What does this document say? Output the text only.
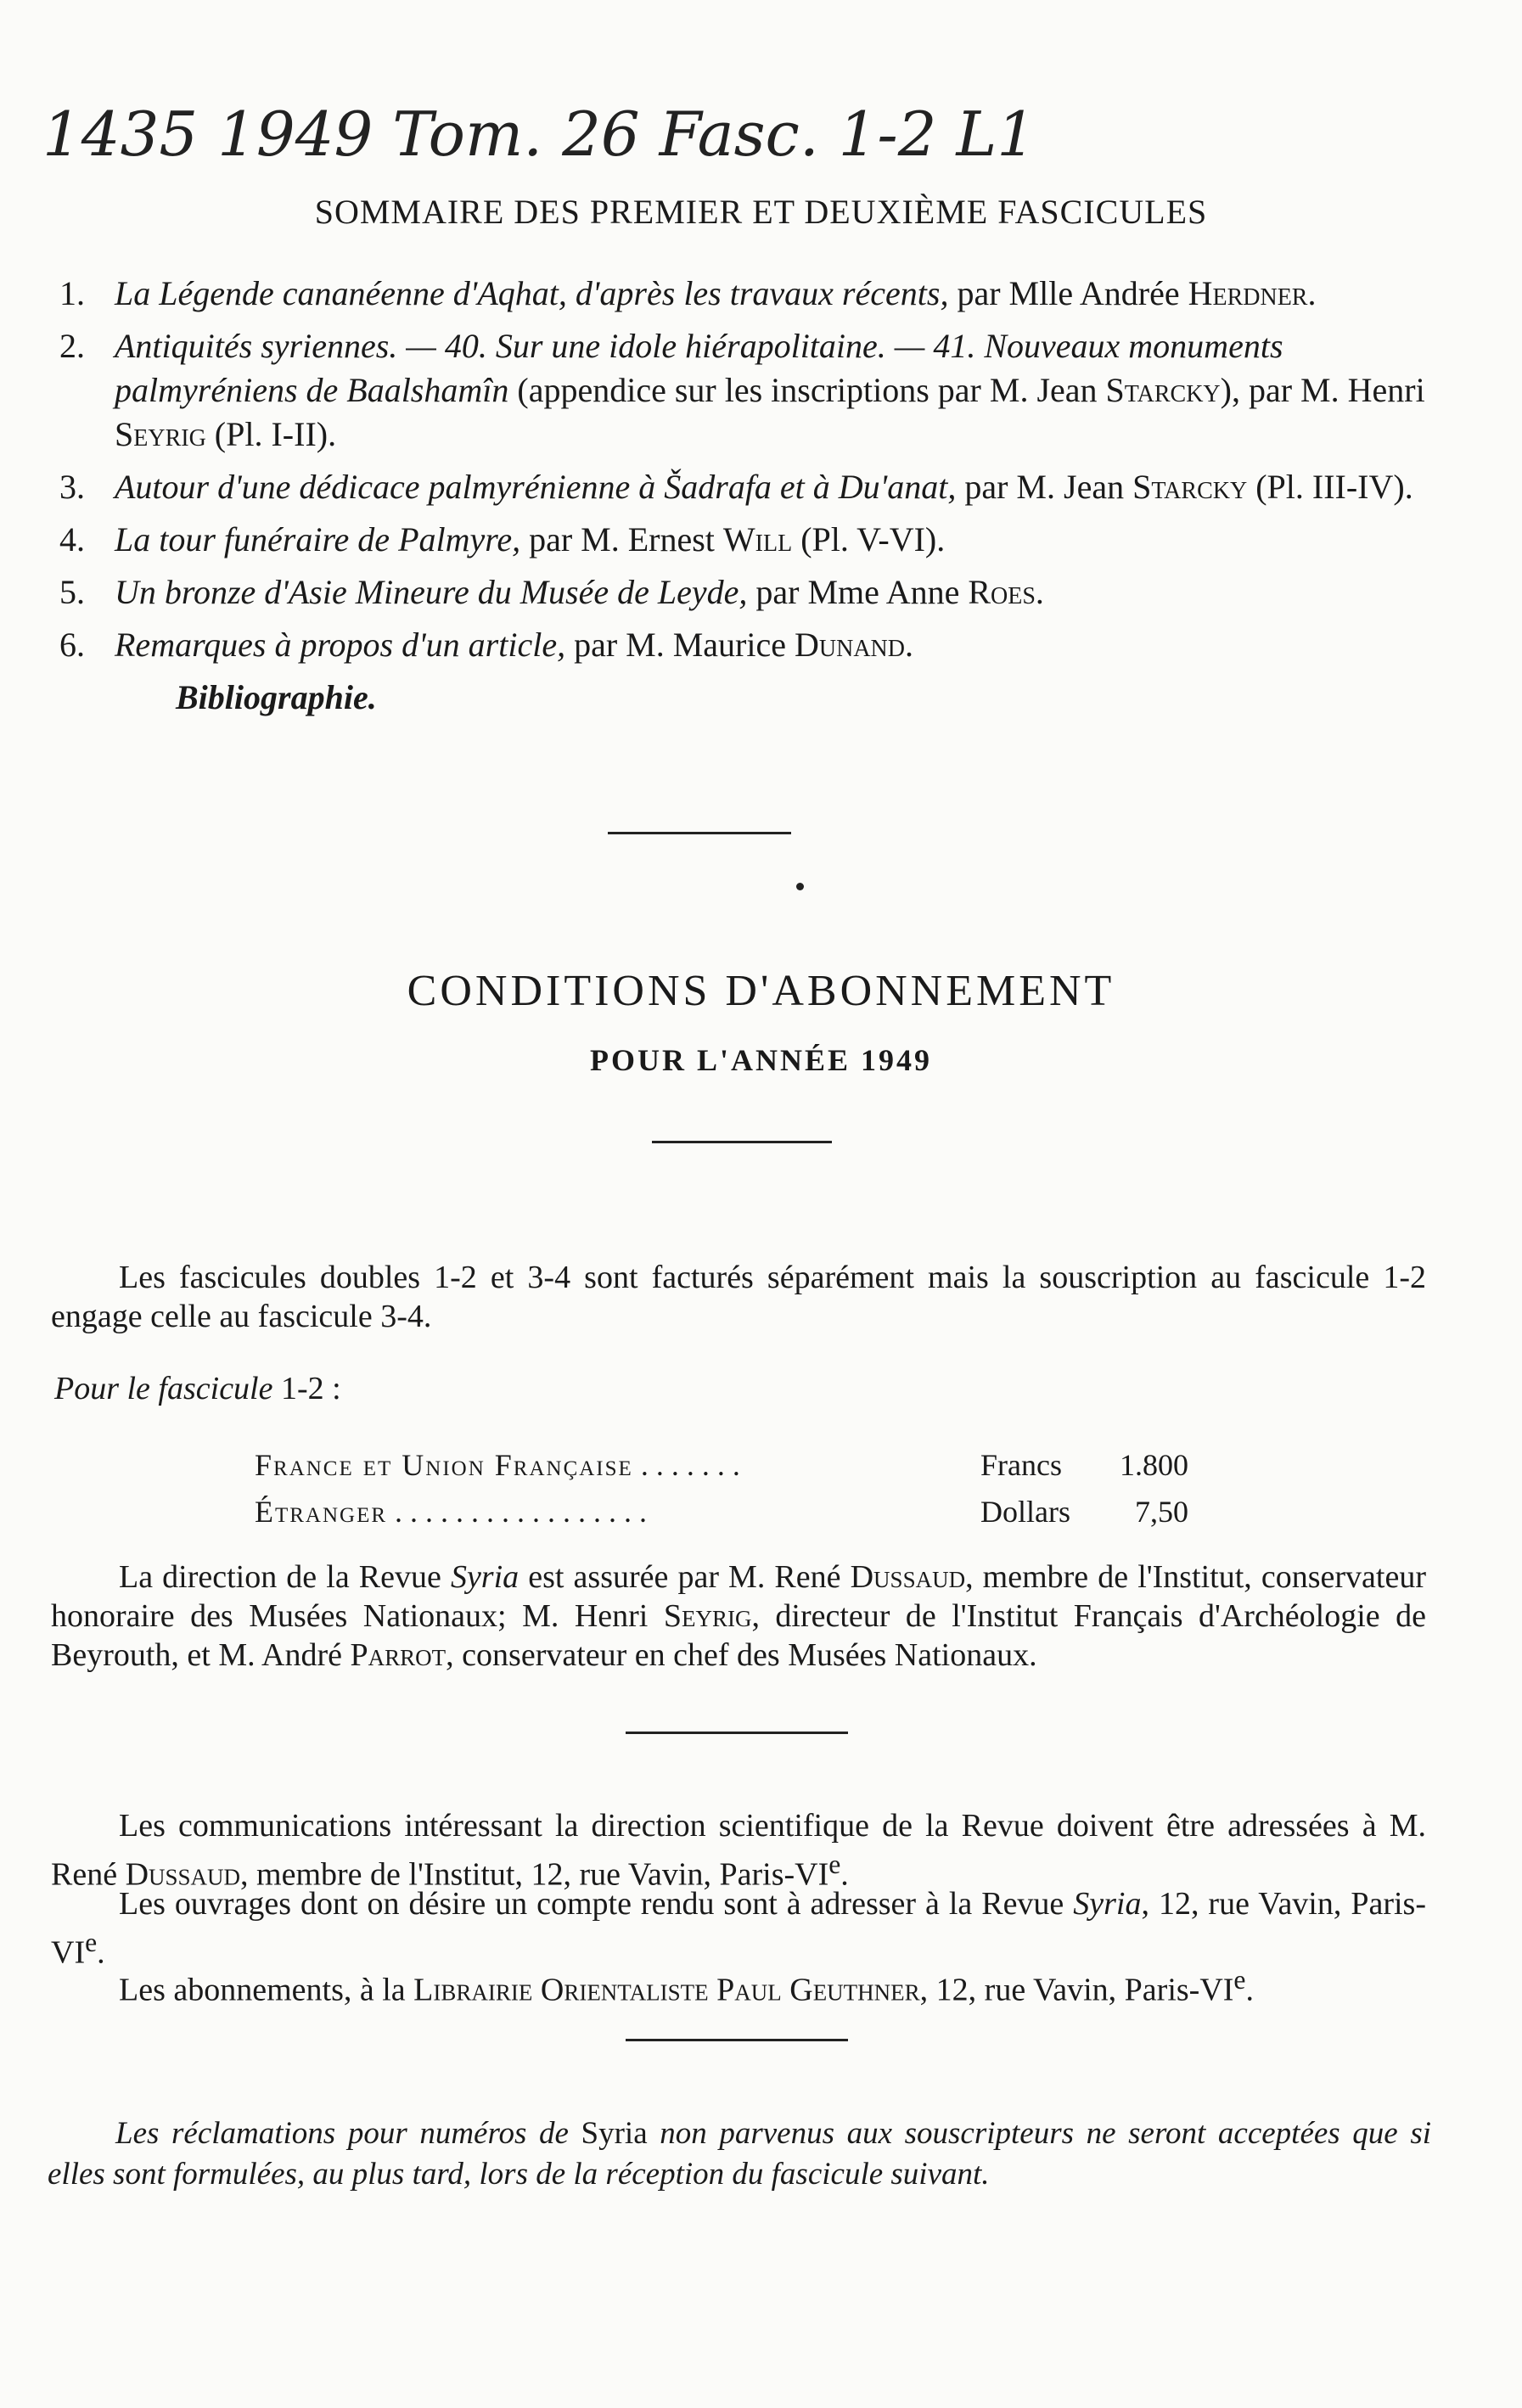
1435 1949 Tom. 26 Fasc. 1-2 L1
SOMMAIRE DES PREMIER ET DEUXIÈME FASCICULES
1. La Légende cananéenne d'Aqhat, d'après les travaux récents, par Mlle Andrée Herdner.
2. Antiquités syriennes. — 40. Sur une idole hiérapolitaine. — 41. Nouveaux monuments palmyréniens de Baalshamîn (appendice sur les inscriptions par M. Jean Starcky), par M. Henri Seyrig (Pl. I-II).
3. Autour d'une dédicace palmyrénienne à Šadrafa et à Du'anat, par M. Jean Starcky (Pl. III-IV).
4. La tour funéraire de Palmyre, par M. Ernest Will (Pl. V-VI).
5. Un bronze d'Asie Mineure du Musée de Leyde, par Mme Anne Roes.
6. Remarques à propos d'un article, par M. Maurice Dunand.
Bibliographie.
CONDITIONS D'ABONNEMENT
POUR L'ANNÉE 1949
Les fascicules doubles 1-2 et 3-4 sont facturés séparément mais la souscription au fascicule 1-2 engage celle au fascicule 3-4.
Pour le fascicule 1-2 :
France et Union Française . . . . . . .	Francs	1.800
Étranger . . . . . . . . . . . . . . . . .	Dollars	7,50
La direction de la Revue Syria est assurée par M. René Dussaud, membre de l'Institut, conservateur honoraire des Musées Nationaux; M. Henri Seyrig, directeur de l'Institut Français d'Archéologie de Beyrouth, et M. André Parrot, conservateur en chef des Musées Nationaux.
Les communications intéressant la direction scientifique de la Revue doivent être adressées à M. René Dussaud, membre de l'Institut, 12, rue Vavin, Paris-VIe.
Les ouvrages dont on désire un compte rendu sont à adresser à la Revue Syria, 12, rue Vavin, Paris-VIe.
Les abonnements, à la Librairie Orientaliste Paul Geuthner, 12, rue Vavin, Paris-VIe.
Les réclamations pour numéros de Syria non parvenus aux souscripteurs ne seront acceptées que si elles sont formulées, au plus tard, lors de la réception du fascicule suivant.
